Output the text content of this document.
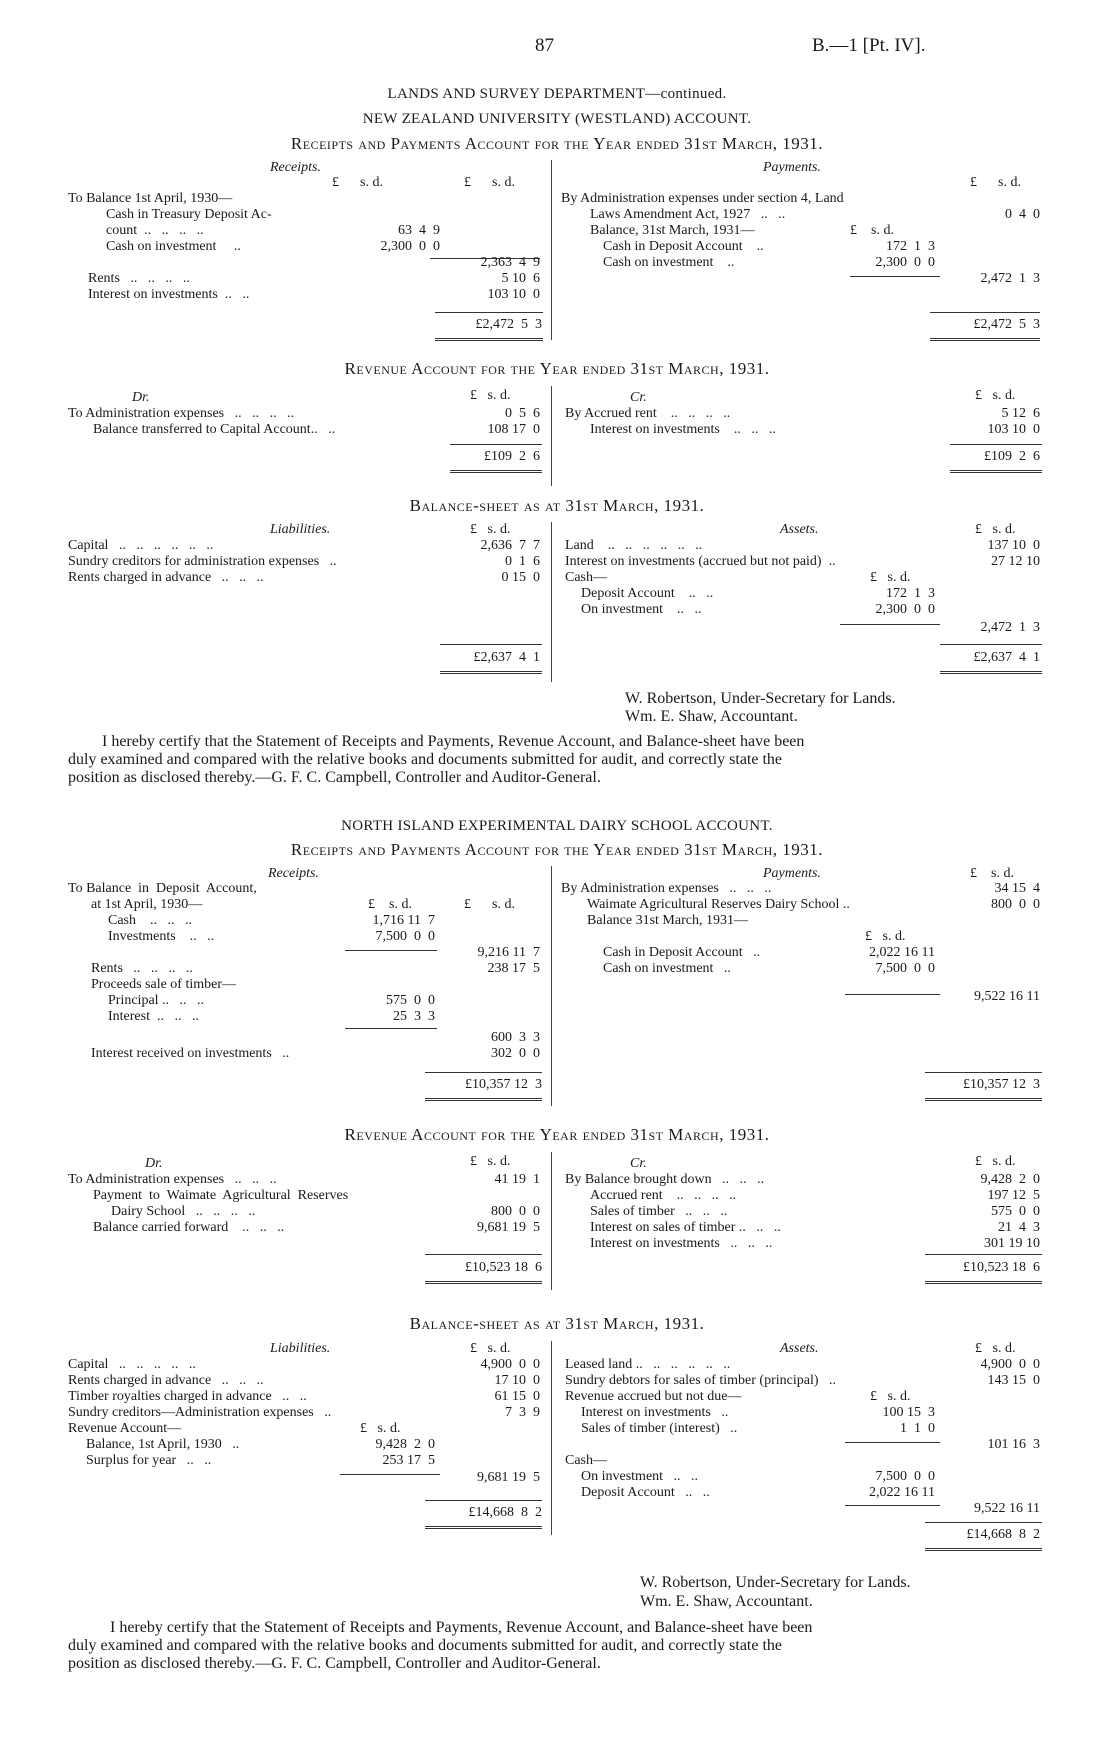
87	B.—1 [Pt. IV].
LANDS AND SURVEY DEPARTMENT—continued.
NEW ZEALAND UNIVERSITY (WESTLAND) ACCOUNT.
Receipts and Payments Account for the Year ended 31st March, 1931.
Receipts.	Payments.
£      s. d.	£      s. d.	£      s. d.
To Balance 1st April, 1930—
Cash in Treasury Deposit Ac-
count  ..   ..   ..   ..	63  4  9
Cash on investment     ..	2,300  0  0
2,363  4  9
Rents   ..   ..   ..   ..	5 10  6
Interest on investments  ..   ..	103 10  0
£2,472  5  3
By Administration expenses under section 4, Land
Laws Amendment Act, 1927   ..   ..	0  4  0
Balance, 31st March, 1931—	£    s. d.
Cash in Deposit Account    ..	172  1  3
Cash on investment    ..	2,300  0  0
2,472  1  3
£2,472  5  3
Revenue Account for the Year ended 31st March, 1931.
Dr.	£   s. d.
To Administration expenses   ..   ..   ..   ..	0  5  6
Balance transferred to Capital Account..   ..	108 17  0
£109  2  6
Cr.	£   s. d.
By Accrued rent    ..   ..   ..   ..	5 12  6
Interest on investments    ..   ..   ..	103 10  0
£109  2  6
Balance-sheet as at 31st March, 1931.
Liabilities.	£   s. d.
Capital   ..   ..   ..   ..   ..   ..	2,636  7  7
Sundry creditors for administration expenses   ..	0  1  6
Rents charged in advance   ..   ..   ..	0 15  0
£2,637  4  1
Assets.	£   s. d.
Land    ..   ..   ..   ..   ..   ..	137 10  0
Interest on investments (accrued but not paid)  ..	27 12 10
Cash—	£   s. d.
Deposit Account    ..   ..	172  1  3
On investment    ..   ..	2,300  0  0
2,472  1  3
£2,637  4  1
W. Robertson, Under-Secretary for Lands.
Wm. E. Shaw, Accountant.
I hereby certify that the Statement of Receipts and Payments, Revenue Account, and Balance-sheet have been
duly examined and compared with the relative books and documents submitted for audit, and correctly state the
position as disclosed thereby.—G. F. C. Campbell, Controller and Auditor-General.
NORTH ISLAND EXPERIMENTAL DAIRY SCHOOL ACCOUNT.
Receipts and Payments Account for the Year ended 31st March, 1931.
Receipts.	Payments.
£    s. d.	£      s. d.
£    s. d.
To Balance  in  Deposit  Account,
at 1st April, 1930—
Cash    ..   ..   ..	1,716 11  7
Investments    ..   ..	7,500  0  0
9,216 11  7
Rents   ..   ..   ..   ..	238 17  5
Proceeds sale of timber—
Principal ..   ..   ..	575  0  0
Interest  ..   ..   ..	25  3  3
600  3  3
Interest received on investments   ..	302  0  0
£10,357 12  3
By Administration expenses   ..   ..   ..	34 15  4
Waimate Agricultural Reserves Dairy School ..	800  0  0
Balance 31st March, 1931—
£   s. d.
Cash in Deposit Account   ..	2,022 16 11
Cash on investment   ..	7,500  0  0
9,522 16 11
£10,357 12  3
Revenue Account for the Year ended 31st March, 1931.
Dr.	£   s. d.
To Administration expenses   ..   ..   ..	41 19  1
Payment  to  Waimate  Agricultural  Reserves
Dairy School   ..   ..   ..   ..	800  0  0
Balance carried forward    ..   ..   ..	9,681 19  5
£10,523 18  6
Cr.	£   s. d.
By Balance brought down   ..   ..   ..	9,428  2  0
Accrued rent    ..   ..   ..   ..	197 12  5
Sales of timber   ..   ..   ..	575  0  0
Interest on sales of timber ..   ..   ..	21  4  3
Interest on investments   ..   ..   ..	301 19 10
£10,523 18  6
Balance-sheet as at 31st March, 1931.
Liabilities.	£   s. d.
Capital   ..   ..   ..   ..   ..	4,900  0  0
Rents charged in advance   ..   ..   ..	17 10  0
Timber royalties charged in advance   ..   ..	61 15  0
Sundry creditors—Administration expenses   ..	7  3  9
Revenue Account—	£   s. d.
Balance, 1st April, 1930   ..	9,428  2  0
Surplus for year   ..   ..	253 17  5
9,681 19  5
£14,668  8  2
Assets.	£   s. d.
Leased land ..   ..   ..   ..   ..   ..	4,900  0  0
Sundry debtors for sales of timber (principal)   ..	143 15  0
Revenue accrued but not due—	£   s. d.
Interest on investments   ..	100 15  3
Sales of timber (interest)   ..	1  1  0
101 16  3
Cash—
On investment   ..   ..	7,500  0  0
Deposit Account   ..   ..	2,022 16 11
9,522 16 11
£14,668  8  2
W. Robertson, Under-Secretary for Lands.
Wm. E. Shaw, Accountant.
I hereby certify that the Statement of Receipts and Payments, Revenue Account, and Balance-sheet have been
duly examined and compared with the relative books and documents submitted for audit, and correctly state the
position as disclosed thereby.—G. F. C. Campbell, Controller and Auditor-General.
